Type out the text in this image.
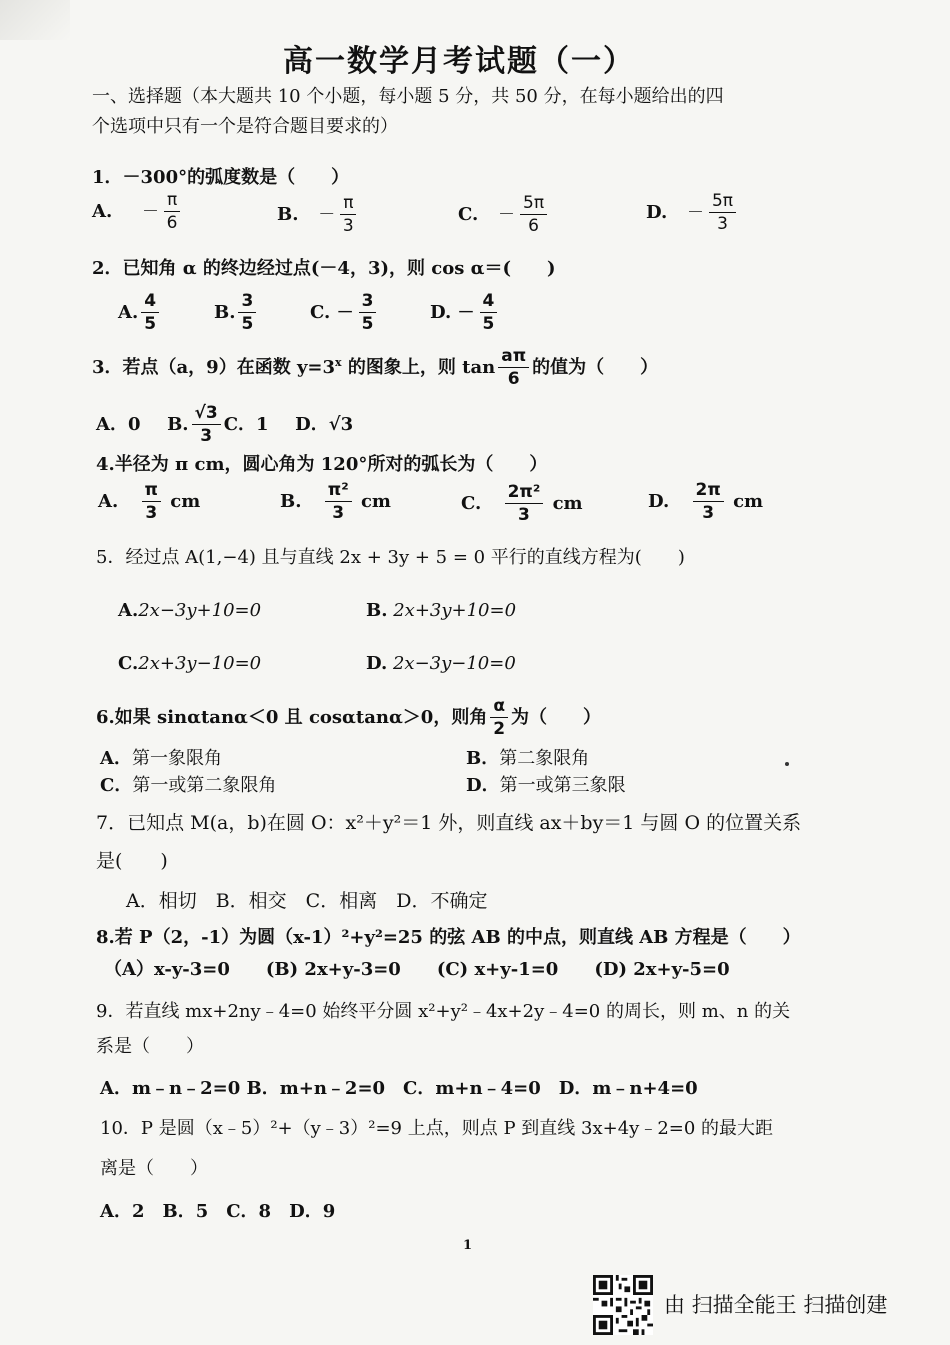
高一数学月考试题（一）
一、选择题（本大题共 10 个小题，每小题 5 分，共 50 分，在每小题给出的四
个选项中只有一个是符合题目要求的）
1．－300°的弧度数是（　　）
A. － $\frac{\pi}{6}$	B. － $\frac{\pi}{3}$	C. － $\frac{5\pi}{6}$	D. － $\frac{5\pi}{3}$
2．已知角 α 的终边经过点(－4，3)，则 cos α＝(　　)
A. $\frac{4}{5}$	B. $\frac{3}{5}$	C. － $\frac{3}{5}$	D. － $\frac{4}{5}$
3．若点（a，9）在函数 $y=3^x$ 的图象上，则 $\tan \frac{a\pi}{6}$ 的值为（　　）
A．0 B. $\frac{√3}{3}$ C．1 D．√3
4.半径为 π cm，圆心角为 120°所对的弧长为（　　）
A. $\frac{\pi}{3}$ cm	B. $\frac{\text{π²}}{3}$ cm	C. $\frac{\text{2π²}}{3}$ cm	D. $\frac{2\pi}{3}$ cm
5．经过点 A(1,−4) 且与直线 2x + 3y + 5 = 0 平行的直线方程为(　　)
A.2x−3y+10=0	B. 2x+3y+10=0
C.2x+3y−10=0	D. 2x−3y−10=0
6.如果 sinαtanα＜0 且 cosαtanα＞0，则角 $\frac{\alpha}{2}$ 为（　　）
A．第一象限角	B．第二象限角
C．第一或第二象限角	D．第一或第三象限
7．已知点 M(a，b)在圆 O：x²＋y²＝1 外，则直线 ax＋by＝1 与圆 O 的位置关系
是(　　)
A．相切　B．相交　C．相离　D．不确定
8.若 P（2，-1）为圆（x-1）²+y²=25 的弦 AB 的中点，则直线 AB 方程是（　　）
（A）x-y-3=0　　(B) 2x+y-3=0　　(C) x+y-1=0　　(D) 2x+y-5=0
9．若直线 mx+2ny﹣4=0 始终平分圆 x²+y²﹣4x+2y﹣4=0 的周长，则 m、n 的关
系是（　　）
A．m﹣n﹣2=0 B．m+n﹣2=0　C．m+n﹣4=0　D．m﹣n+4=0
10．P 是圆（x﹣5）²+（y﹣3）²=9 上点，则点 P 到直线 3x+4y﹣2=0 的最大距
离是（　　）
A．2　B．5　C．8　D．9
1
由 扫描全能王 扫描创建
